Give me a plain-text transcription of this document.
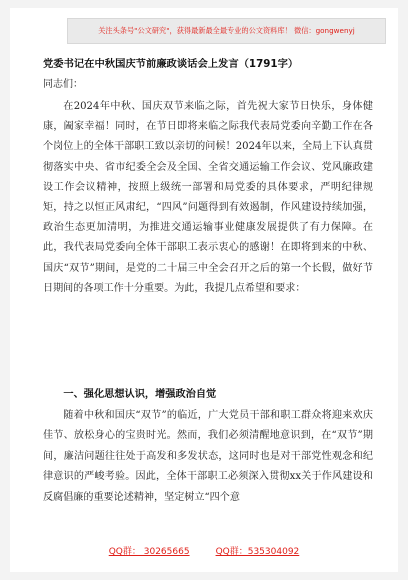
关注头条号"公文研究"，获得最新最全最专业的公文资料库！ 微信：gongwenyj
党委书记在中秋国庆节前廉政谈话会上发言（1791字）
同志们：

在2024年中秋、国庆双节来临之际，首先祝大家节日快乐，身体健康，阖家幸福！同时，在节日即将来临之际我代表局党委向辛勤工作在各个岗位上的全体干部职工致以亲切的问候！2024年以来，全局上下认真贯彻落实中央、省市纪委全会及全国、全省交通运输工作会议、党风廉政建设工作会议精神，按照上级统一部署和局党委的具体要求，严明纪律规矩，持之以恒正风肃纪，“四风”问题得到有效遏制，作风建设持续加强，政治生态更加清明，为推进交通运输事业健康发展提供了有力保障。在此，我代表局党委向全体干部职工表示衷心的感谢！在即将到来的中秋、国庆“双节”期间，是党的二十届三中全会召开之后的第一个长假，做好节日期间的各项工作十分重要。为此，我提几点希望和要求：

一、强化思想认识，增强政治自觉

随着中秋和国庆“双节”的临近，广大党员干部和职工群众将迎来欢庆佳节、放松身心的宝贵时光。然而，我们必须清醒地意识到，在“双节”期间，廉洁问题往往处于高发和多发状态，这同时也是对干部党性观念和纪律意识的严峻考验。因此，全体干部职工必须深入贯彻xx关于作风建设和反腐倡廉的重要论述精神，坚定树立“四个意

QQ群： 30265665	QQ群：535304092
